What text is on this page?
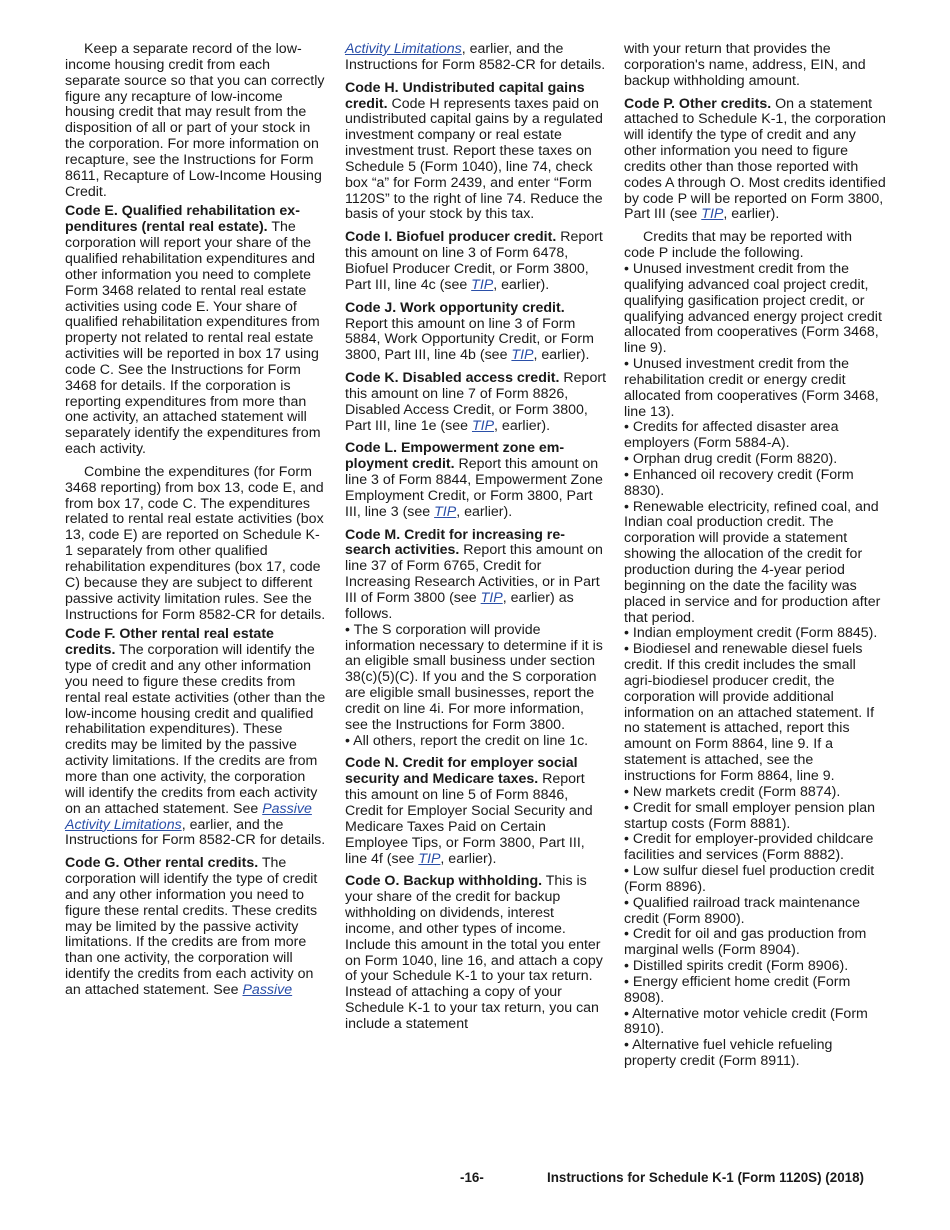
Keep a separate record of the low-income housing credit from each separate source so that you can correctly figure any recapture of low-income housing credit that may result from the disposition of all or part of your stock in the corporation. For more information on recapture, see the Instructions for Form 8611, Recapture of Low-Income Housing Credit.

Code E. Qualified rehabilitation ex-penditures (rental real estate). The corporation will report your share of the qualified rehabilitation expenditures and other information you need to complete Form 3468 related to rental real estate activities using code E. Your share of qualified rehabilitation expenditures from property not related to rental real estate activities will be reported in box 17 using code C. See the Instructions for Form 3468 for details. If the corporation is reporting expenditures from more than one activity, an attached statement will separately identify the expenditures from each activity.

Combine the expenditures (for Form 3468 reporting) from box 13, code E, and from box 17, code C. The expenditures related to rental real estate activities (box 13, code E) are reported on Schedule K-1 separately from other qualified rehabilitation expenditures (box 17, code C) because they are subject to different passive activity limitation rules. See the Instructions for Form 8582-CR for details.

Code F. Other rental real estate credits. The corporation will identify the type of credit and any other information you need to figure these credits from rental real estate activities (other than the low-income housing credit and qualified rehabilitation expenditures). These credits may be limited by the passive activity limitations. If the credits are from more than one activity, the corporation will identify the credits from each activity on an attached statement. See Passive Activity Limitations, earlier, and the Instructions for Form 8582-CR for details.

Code G. Other rental credits. The corporation will identify the type of credit and any other information you need to figure these rental credits. These credits may be limited by the passive activity limitations. If the credits are from more than one activity, the corporation will identify the credits from each activity on an attached statement. See Passive

Activity Limitations, earlier, and the Instructions for Form 8582-CR for details.

Code H. Undistributed capital gains credit. Code H represents taxes paid on undistributed capital gains by a regulated investment company or real estate investment trust. Report these taxes on Schedule 5 (Form 1040), line 74, check box “a” for Form 2439, and enter “Form 1120S” to the right of line 74. Reduce the basis of your stock by this tax.

Code I. Biofuel producer credit. Report this amount on line 3 of Form 6478, Biofuel Producer Credit, or Form 3800, Part III, line 4c (see TIP, earlier).

Code J. Work opportunity credit. Report this amount on line 3 of Form 5884, Work Opportunity Credit, or Form 3800, Part III, line 4b (see TIP, earlier).

Code K. Disabled access credit. Report this amount on line 7 of Form 8826, Disabled Access Credit, or Form 3800, Part III, line 1e (see TIP, earlier).

Code L. Empowerment zone em-ployment credit. Report this amount on line 3 of Form 8844, Empowerment Zone Employment Credit, or Form 3800, Part III, line 3 (see TIP, earlier).

Code M. Credit for increasing re-search activities. Report this amount on line 37 of Form 6765, Credit for Increasing Research Activities, or in Part III of Form 3800 (see TIP, earlier) as follows.

• The S corporation will provide information necessary to determine if it is an eligible small business under section 38(c)(5)(C). If you and the S corporation are eligible small businesses, report the credit on line 4i. For more information, see the Instructions for Form 3800.

• All others, report the credit on line 1c.

Code N. Credit for employer social security and Medicare taxes. Report this amount on line 5 of Form 8846, Credit for Employer Social Security and Medicare Taxes Paid on Certain Employee Tips, or Form 3800, Part III, line 4f (see TIP, earlier).

Code O. Backup withholding. This is your share of the credit for backup withholding on dividends, interest income, and other types of income. Include this amount in the total you enter on Form 1040, line 16, and attach a copy of your Schedule K-1 to your tax return. Instead of attaching a copy of your Schedule K-1 to your tax return, you can include a statement

with your return that provides the corporation's name, address, EIN, and backup withholding amount.

Code P. Other credits. On a statement attached to Schedule K-1, the corporation will identify the type of credit and any other information you need to figure credits other than those reported with codes A through O. Most credits identified by code P will be reported on Form 3800, Part III (see TIP, earlier).

Credits that may be reported with code P include the following.

• Unused investment credit from the qualifying advanced coal project credit, qualifying gasification project credit, or qualifying advanced energy project credit allocated from cooperatives (Form 3468, line 9).

• Unused investment credit from the rehabilitation credit or energy credit allocated from cooperatives (Form 3468, line 13).

• Credits for affected disaster area employers (Form 5884-A).

• Orphan drug credit (Form 8820).

• Enhanced oil recovery credit (Form 8830).

• Renewable electricity, refined coal, and Indian coal production credit. The corporation will provide a statement showing the allocation of the credit for production during the 4-year period beginning on the date the facility was placed in service and for production after that period.

• Indian employment credit (Form 8845).

• Biodiesel and renewable diesel fuels credit. If this credit includes the small agri-biodiesel producer credit, the corporation will provide additional information on an attached statement. If no statement is attached, report this amount on Form 8864, line 9. If a statement is attached, see the instructions for Form 8864, line 9.

• New markets credit (Form 8874).

• Credit for small employer pension plan startup costs (Form 8881).

• Credit for employer-provided childcare facilities and services (Form 8882).

• Low sulfur diesel fuel production credit (Form 8896).

• Qualified railroad track maintenance credit (Form 8900).

• Credit for oil and gas production from marginal wells (Form 8904).

• Distilled spirits credit (Form 8906).

• Energy efficient home credit (Form 8908).

• Alternative motor vehicle credit (Form 8910).

• Alternative fuel vehicle refueling property credit (Form 8911).

-16-	Instructions for Schedule K-1 (Form 1120S) (2018)
